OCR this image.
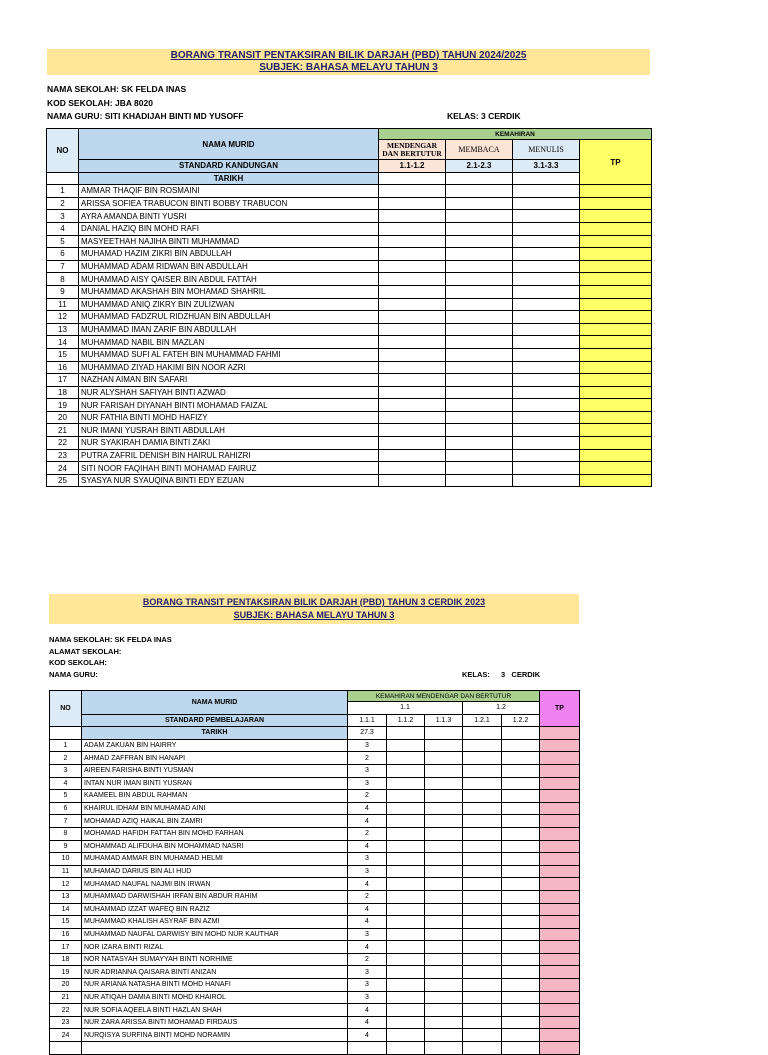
BORANG TRANSIT PENTAKSIRAN BILIK DARJAH (PBD) TAHUN 2024/2025
SUBJEK: BAHASA MELAYU TAHUN 3
NAMA SEKOLAH: SK FELDA INAS
KOD SEKOLAH: JBA 8020
NAMA GURU: SITI KHADIJAH BINTI MD YUSOFF	KELAS: 3 CERDIK
NO	NAMA MURID	KEMAHIRAN			
		MENDENGAR DAN BERTUTUR	MEMBACA	MENULIS	TP
	STANDARD KANDUNGAN	1.1-1.2	2.1-2.3	3.1-3.3	
	TARIKH				
1	AMMAR THAQIF BIN ROSMAINI				
2	ARISSA SOFIEA TRABUCON BINTI BOBBY TRABUCON				
3	AYRA AMANDA BINTI YUSRI				
4	DANIAL HAZIQ BIN MOHD RAFI				
5	MASYEETHAH NAJIHA BINTI MUHAMMAD				
6	MUHAMAD HAZIM ZIKRI BIN ABDULLAH				
7	MUHAMMAD ADAM RIDWAN BIN ABDULLAH				
8	MUHAMMAD AISY QAISER BIN ABDUL FATTAH				
9	MUHAMMAD AKASHAH BIN MOHAMAD SHAHRIL				
11	MUHAMMAD ANIQ ZIKRY BIN ZULIZWAN				
12	MUHAMMAD FADZRUL RIDZHUAN BIN ABDULLAH				
13	MUHAMMAD IMAN ZARIF BIN ABDULLAH				
14	MUHAMMAD NABIL BIN MAZLAN				
15	MUHAMMAD SUFI AL FATEH BIN MUHAMMAD FAHMI				
16	MUHAMMAD ZIYAD HAKIMI BIN NOOR AZRI				
17	NAZHAN AIMAN BIN SAFARI				
18	NUR ALYSHAH SAFIYAH BINTI AZWAD				
19	NUR FARISAH DIYANAH BINTI MOHAMAD FAIZAL				
20	NUR FATHIA BINTI MOHD HAFIZY				
21	NUR IMANI YUSRAH BINTI ABDULLAH				
22	NUR SYAKIRAH DAMIA BINTI ZAKI				
23	PUTRA ZAFRIL DENISH BIN HAIRUL RAHIZRI				
24	SITI NOOR FAQIHAH BINTI MOHAMAD FAIRUZ				
25	SYASYA NUR SYAUQINA BINTI EDY EZUAN				
BORANG TRANSIT PENTAKSIRAN BILIK DARJAH (PBD) TAHUN 3 CERDIK 2023
SUBJEK: BAHASA MELAYU TAHUN 3
NAMA SEKOLAH: SK FELDA INAS
ALAMAT SEKOLAH:
KOD SEKOLAH:
NAMA GURU:	KELAS: 3   CERDIK
NO	NAMA MURID	KEMAHIRAN MENDENGAR DAN BERTUTUR					TP
		1.1			1.2		
	STANDARD PEMBELAJARAN	1.1.1	1.1.2	1.1.3	1.2.1	1.2.2	
	TARIKH	27.3					
1	ADAM ZAKUAN BIN HAIRRY	3					
2	AHMAD ZAFFRAN BIN HANAPI	2					
3	AIREEN FARISHA BINTI YUSMAN	3					
4	INTAN NUR IMAN BINTI YUSRAN	3					
5	KAAMEEL BIN ABDUL RAHMAN	2					
6	KHAIRUL IDHAM BIN MUHAMAD AINI	4					
7	MOHAMAD AZIQ HAIKAL BIN ZAMRI	4					
8	MOHAMAD HAFIDH FATTAH BIN MOHD FARHAN	2					
9	MOHAMMAD ALIFDUHA BIN MOHAMMAD NASRI	4					
10	MUHAMAD AMMAR BIN MUHAMAD HELMI	3					
11	MUHAMAD DARIUS BIN ALI HUD	3					
12	MUHAMAD NAUFAL NAJMI BIN IRWAN	4					
13	MUHAMMAD DARWISHAH IRFAN BIN ABDUR RAHIM	2					
14	MUHAMMAD IZZAT WAFEQ BIN RAZIZ	4					
15	MUHAMMAD KHALISH ASYRAF BIN AZMI	4					
16	MUHAMMAD NAUFAL DARWISY BIN MOHD NUR KAUTHAR	3					
17	NOR IZARA BINTI RIZAL	4					
18	NOR NATASYAH SUMAYYAH BINTI NORHIME	2					
19	NUR ADRIANNA QAISARA BINTI ANIZAN	3					
20	NUR ARIANA NATASHA BINTI MOHD HANAFI	3					
21	NUR ATIQAH DAMIA BINTI MOHD KHAIROL	3					
22	NUR SOFIA AQEELA BINTI HAZLAN SHAH	4					
23	NUR ZARA ARISSA BINTI MOHAMAD FIRDAUS	4					
24	NURQISYA SURFINA BINTI MOHD NORAMIN	4					
